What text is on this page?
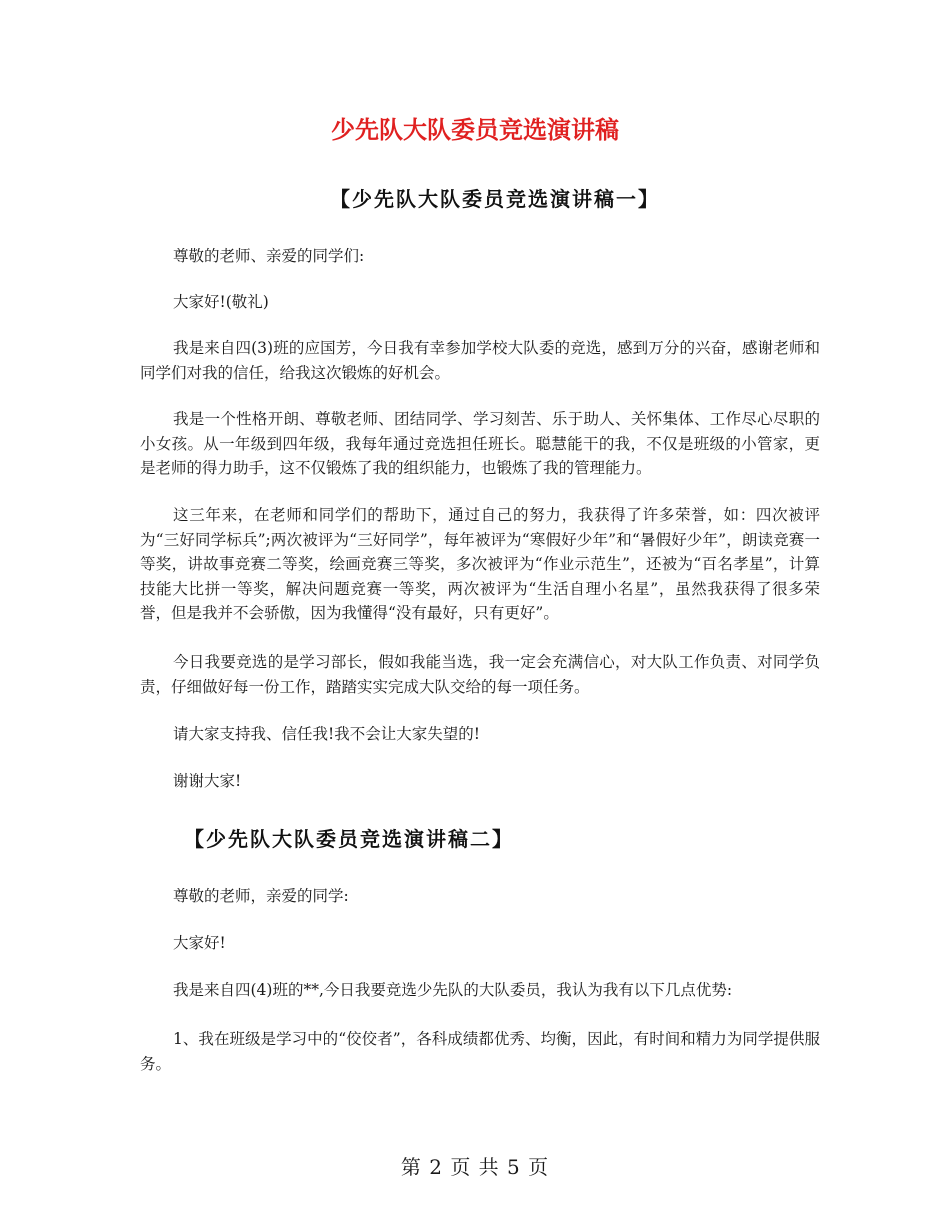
少先队大队委员竞选演讲稿
【少先队大队委员竞选演讲稿一】

尊敬的老师、亲爱的同学们:

大家好!(敬礼)

我是来自四(3)班的应国芳，今日我有幸参加学校大队委的竞选，感到万分的兴奋，感谢老师和同学们对我的信任，给我这次锻炼的好机会。

我是一个性格开朗、尊敬老师、团结同学、学习刻苦、乐于助人、关怀集体、工作尽心尽职的小女孩。从一年级到四年级，我每年通过竞选担任班长。聪慧能干的我，不仅是班级的小管家，更是老师的得力助手，这不仅锻炼了我的组织能力，也锻炼了我的管理能力。

这三年来，在老师和同学们的帮助下，通过自己的努力，我获得了许多荣誉，如：四次被评为“三好同学标兵”;两次被评为“三好同学”，每年被评为“寒假好少年”和“暑假好少年”，朗读竞赛一等奖，讲故事竞赛二等奖，绘画竞赛三等奖，多次被评为“作业示范生”，还被为“百名孝星”，计算技能大比拼一等奖，解决问题竞赛一等奖，两次被评为“生活自理小名星”，虽然我获得了很多荣誉，但是我并不会骄傲，因为我懂得“没有最好，只有更好”。

今日我要竞选的是学习部长，假如我能当选，我一定会充满信心，对大队工作负责、对同学负责，仔细做好每一份工作，踏踏实实完成大队交给的每一项任务。

请大家支持我、信任我!我不会让大家失望的!

谢谢大家!

【少先队大队委员竞选演讲稿二】

尊敬的老师，亲爱的同学:

大家好!

我是来自四(4)班的**,今日我要竞选少先队的大队委员，我认为我有以下几点优势:

1、我在班级是学习中的“佼佼者”，各科成绩都优秀、均衡，因此，有时间和精力为同学提供服务。

第 2 页 共 5 页
